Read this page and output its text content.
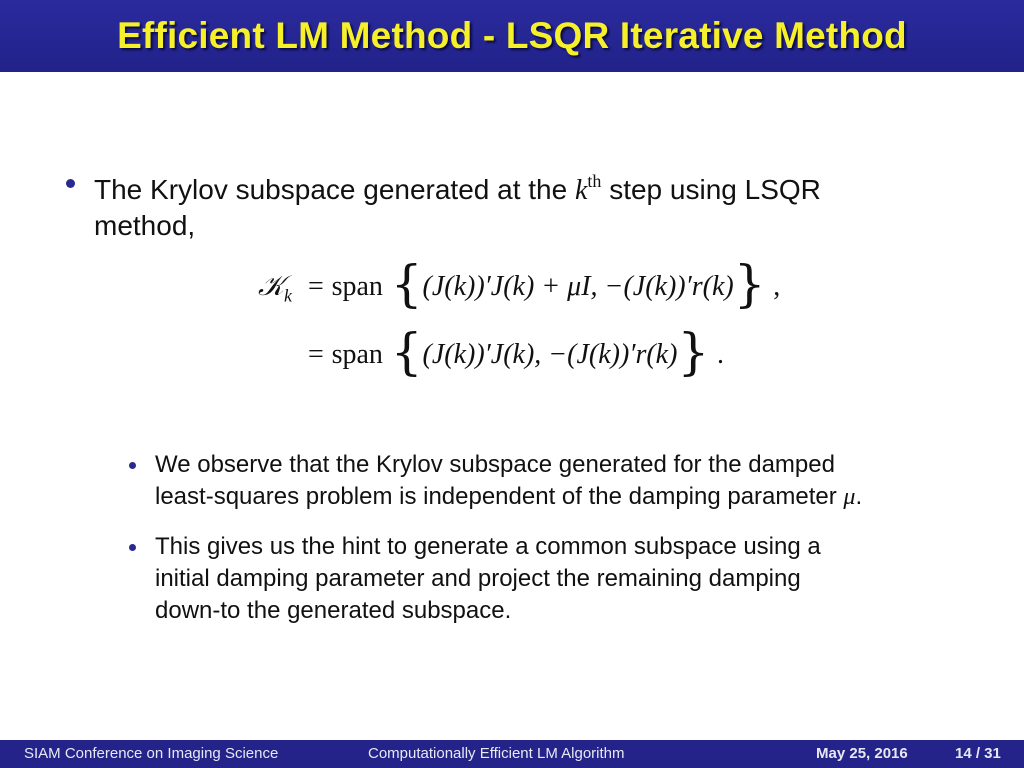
Efficient LM Method - LSQR Iterative Method
The Krylov subspace generated at the $k^{th}$ step using LSQR
method,
𝒦$_k$ = span {(J(k))′J(k) + μI, −(J(k))′r(k)} ,
= span {(J(k))′J(k), −(J(k))′r(k)} .
We observe that the Krylov subspace generated for the damped
least-squares problem is independent of the damping parameter μ.
This gives us the hint to generate a common subspace using a
initial damping parameter and project the remaining damping
down-to the generated subspace.
SIAM Conference on Imaging Science	Computationally Efficient LM Algorithm	May 25, 2016	14 / 31
